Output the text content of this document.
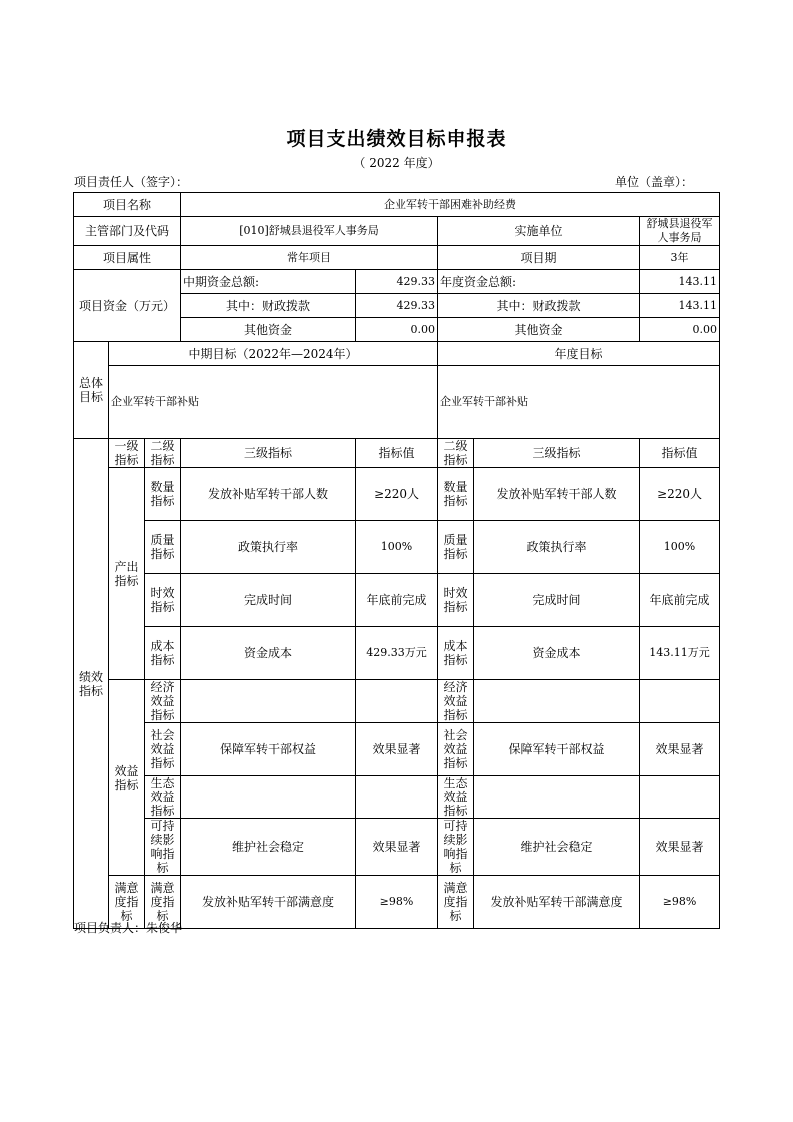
项目支出绩效目标申报表
（ 2022 年度）
项目责任人（签字）：	单位（盖章）：
项目名称			企业军转干部困难补助经费				
主管部门及代码			[010]舒城县退役军人事务局		实施单位		舒城县退役军人事务局
项目属性			常年项目		项目期		3年
项目资金（万元）			中期资金总额:	429.33	年度资金总额:		143.11
			其中：财政拨款	429.33	其中：财政拨款		143.11
			其他资金	0.00	其他资金		0.00
总体目标	中期目标（2022年—2024年）				年度目标		
	企业军转干部补贴				企业军转干部补贴		
绩效指标	一级指标	二级指标	三级指标	指标值	二级指标	三级指标	指标值
	产出指标	数量指标	发放补贴军转干部人数	≥220人	数量指标	发放补贴军转干部人数	≥220人
		质量指标	政策执行率	100%	质量指标	政策执行率	100%
		时效指标	完成时间	年底前完成	时效指标	完成时间	年底前完成
		成本指标	资金成本	429.33万元	成本指标	资金成本	143.11万元
	效益指标	经济效益指标			经济效益指标		
		社会效益指标	保障军转干部权益	效果显著	社会效益指标	保障军转干部权益	效果显著
		生态效益指标			生态效益指标		
		可持续影响指标	维护社会稳定	效果显著	可持续影响指标	维护社会稳定	效果显著
	满意度指标	满意度指标	发放补贴军转干部满意度	≥98%	满意度指标	发放补贴军转干部满意度	≥98%
项目负责人：朱俊华
